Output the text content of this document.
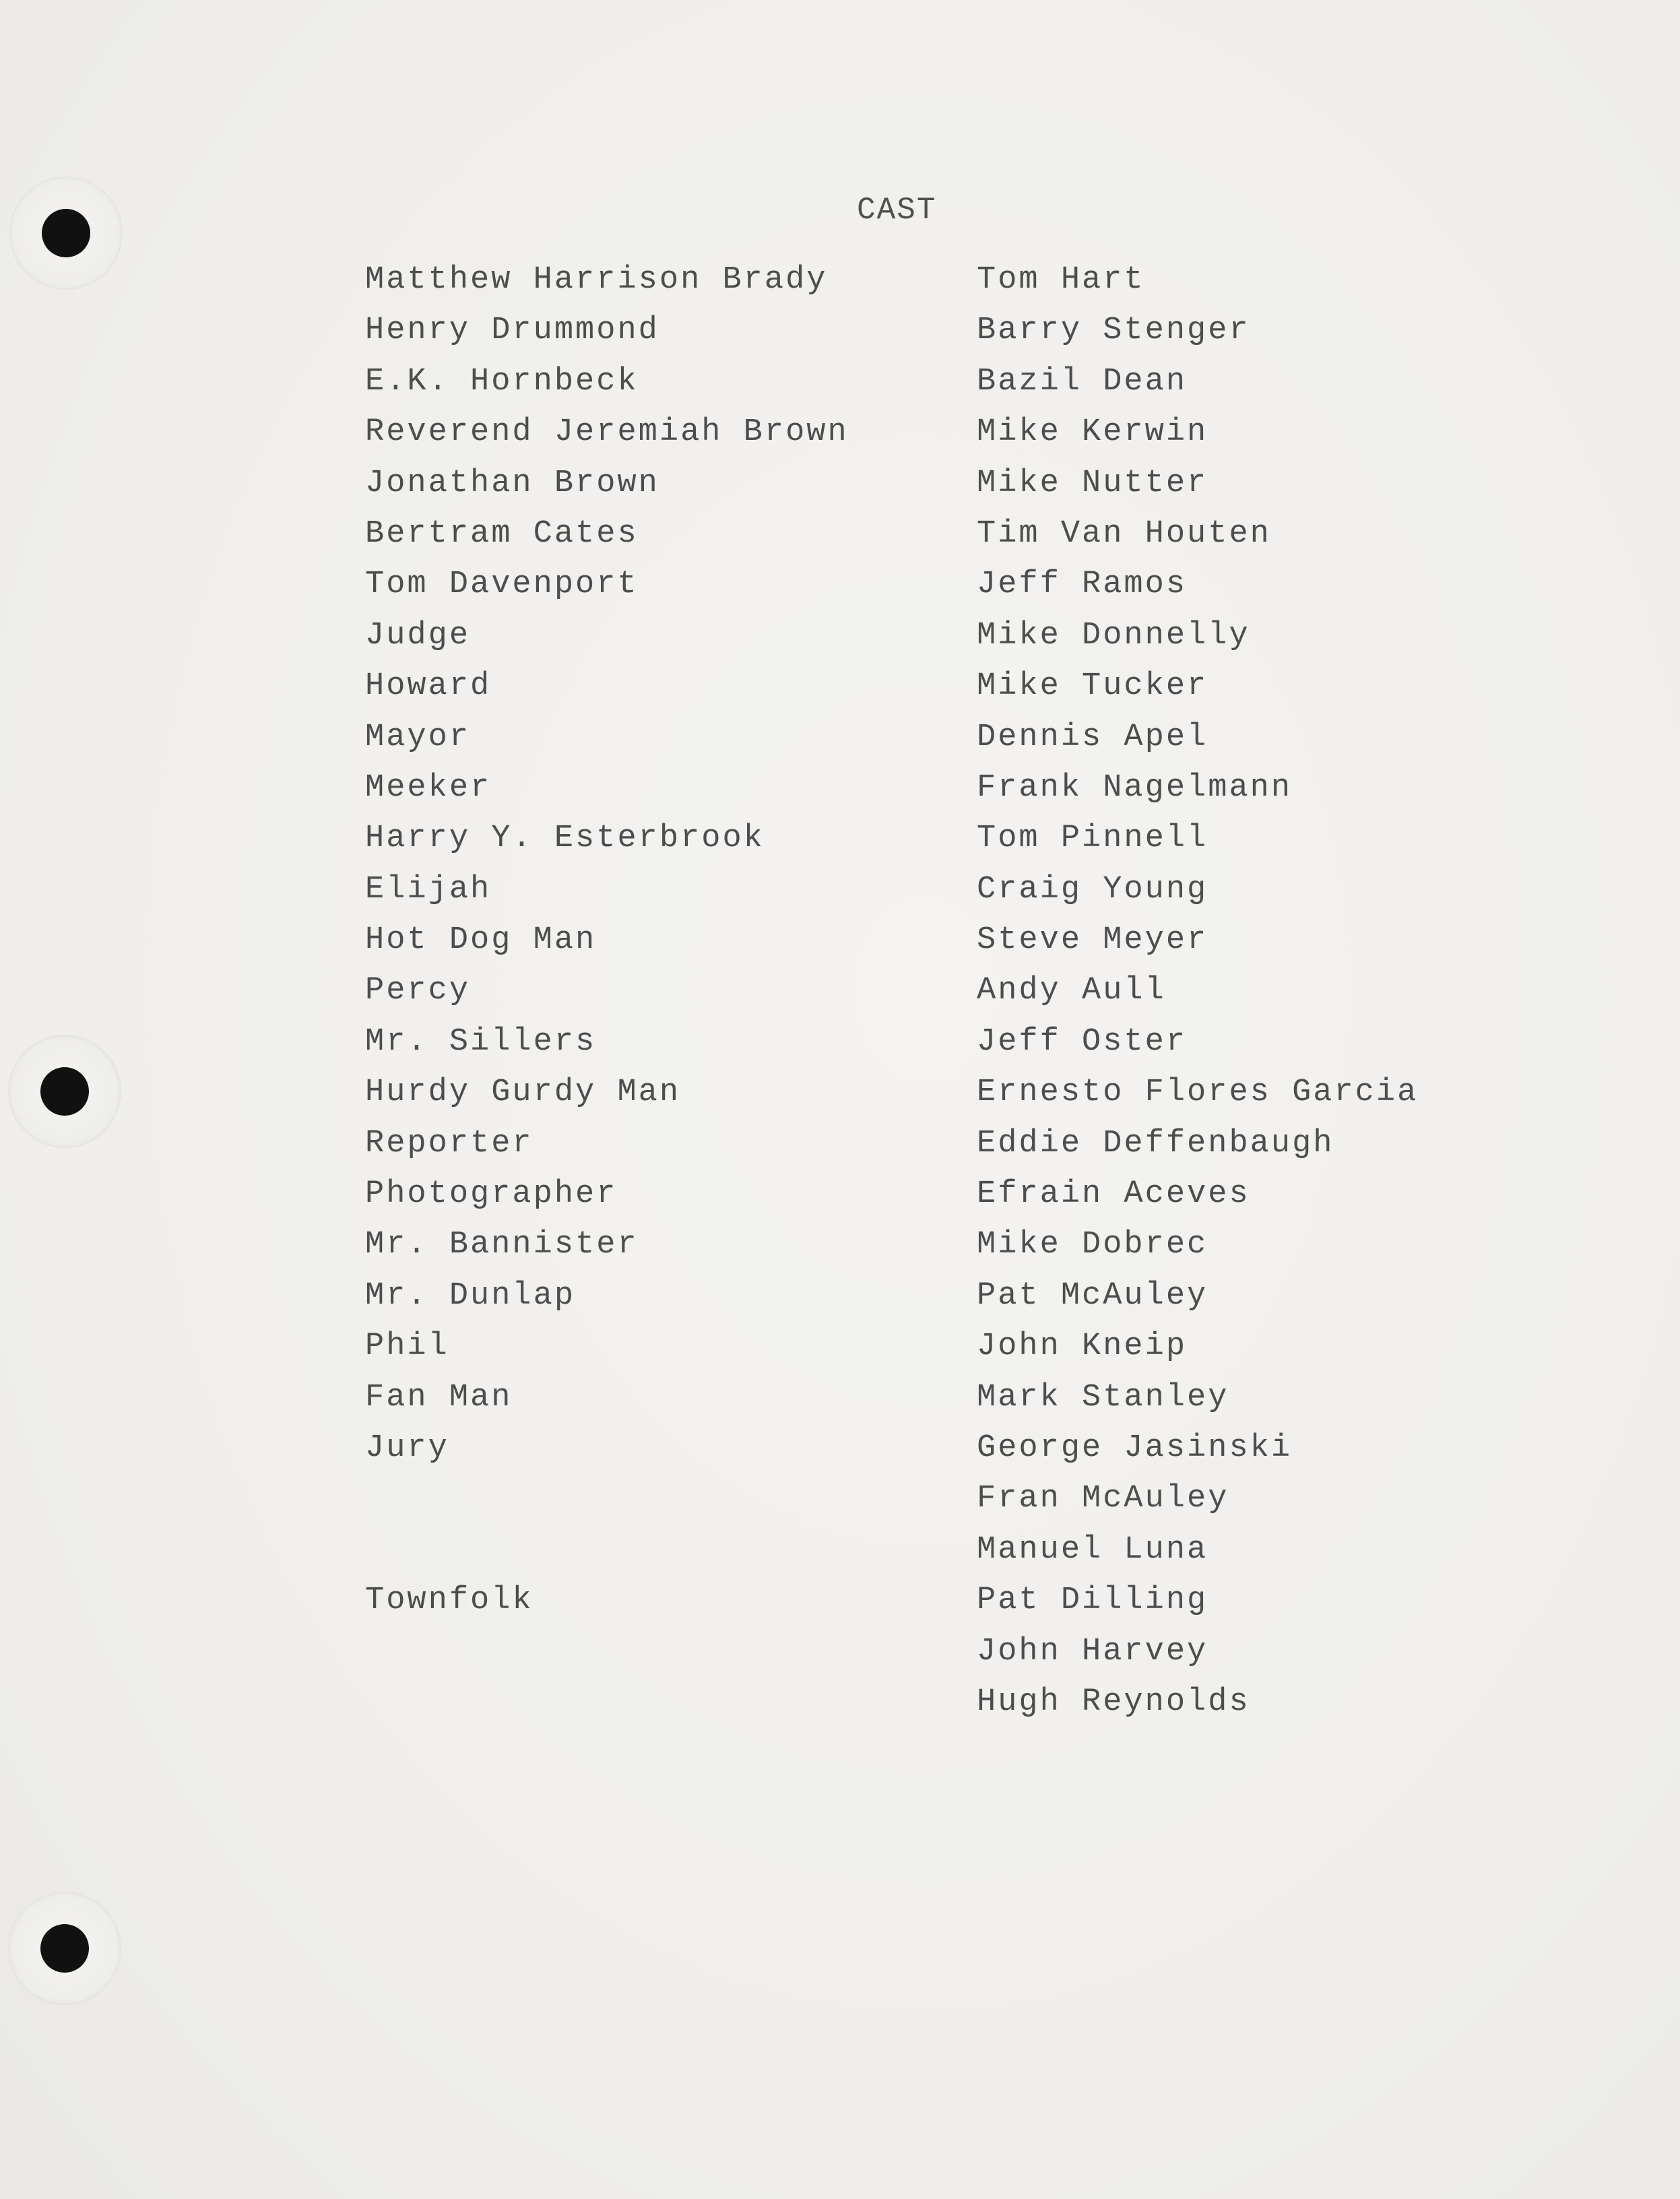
CAST
Matthew Harrison Brady
Henry Drummond
E.K. Hornbeck
Reverend Jeremiah Brown
Jonathan Brown
Bertram Cates
Tom Davenport
Judge
Howard
Mayor
Meeker
Harry Y. Esterbrook
Elijah
Hot Dog Man
Percy
Mr. Sillers
Hurdy Gurdy Man
Reporter
Photographer
Mr. Bannister
Mr. Dunlap
Phil
Fan Man
Jury
Townfolk
Tom Hart
Barry Stenger
Bazil Dean
Mike Kerwin
Mike Nutter
Tim Van Houten
Jeff Ramos
Mike Donnelly
Mike Tucker
Dennis Apel
Frank Nagelmann
Tom Pinnell
Craig Young
Steve Meyer
Andy Aull
Jeff Oster
Ernesto Flores Garcia
Eddie Deffenbaugh
Efrain Aceves
Mike Dobrec
Pat McAuley
John Kneip
Mark Stanley
George Jasinski
Fran McAuley
Manuel Luna
Pat Dilling
John Harvey
Hugh Reynolds
